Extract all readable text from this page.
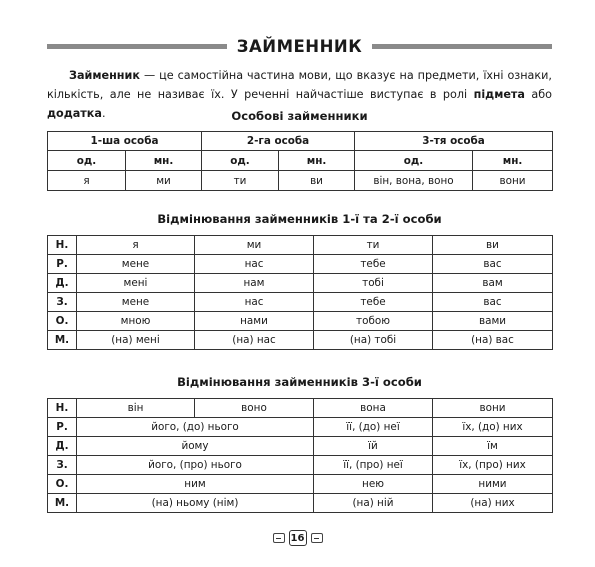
ЗАЙМЕННИК
Займенник — це самостійна частина мови, що вказує на предмети, їхні ознаки, кількість, але не називає їх. У реченні найчастіше виступає в ролі підмета або додатка.	Особові займенники
1-ша особа		2-га особа		3-тя особа	
од.	мн.	од.	мн.	од.	мн.
я	ми	ти	ви	він, вона, воно	вони
Відмінювання займенників 1-ї та 2-ї особи
Н.	я	ми	ти	ви
Р.	мене	нас	тебе	вас
Д.	мені	нам	тобі	вам
З.	мене	нас	тебе	вас
О.	мною	нами	тобою	вами
М.	(на) мені	(на) нас	(на) тобі	(на) вас
Відмінювання займенників 3-ї особи
Н.	він	воно	вона	вони
Р.	його, (до) нього		її, (до) неї	їх, (до) них
Д.	йому		їй	їм
З.	його, (про) нього		її, (про) неї	їх, (про) них
О.	ним		нею	ними
М.	(на) ньому (нім)		(на) ній	(на) них
16
